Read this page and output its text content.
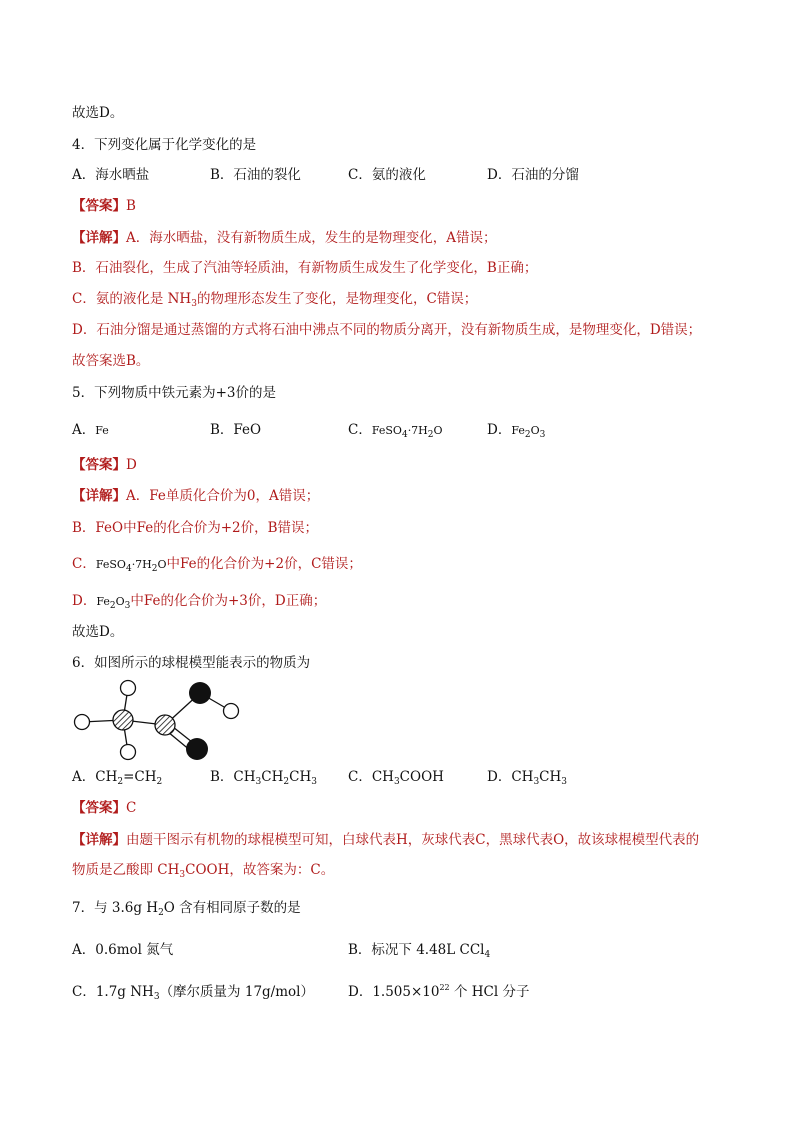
故选D。
4．下列变化属于化学变化的是
A．海水晒盐	B．石油的裂化	C．氨的液化	D．石油的分馏
【答案】B
【详解】A．海水晒盐，没有新物质生成，发生的是物理变化，A错误；
B．石油裂化，生成了汽油等轻质油，有新物质生成发生了化学变化，B正确；
C．氨的液化是 $NH_3$的物理形态发生了变化，是物理变化，C错误；
D．石油分馏是通过蒸馏的方式将石油中沸点不同的物质分离开，没有新物质生成，是物理变化，D错误；
故答案选B。
5．下列物质中铁元素为+3价的是
A．Fe	B．FeO	C．$FeSO_4\cdot 7H_2O$	D．$Fe_2O_3$
【答案】D
【详解】A．Fe单质化合价为0，A错误；
B．FeO中Fe的化合价为+2价，B错误；
C．$FeSO_4\cdot 7H_2O$中Fe的化合价为+2价，C错误；
D．$Fe_2O_3$中Fe的化合价为+3价，D正确；
故选D。
6．如图所示的球棍模型能表示的物质为
A．$CH_2=CH_2$	B．$CH_3CH_2CH_3$ C．$CH_3COOH$	D．$CH_3CH_3$
【答案】C
【详解】由题干图示有机物的球棍模型可知，白球代表H，灰球代表C，黑球代表O，故该球棍模型代表的
物质是乙酸即 $CH_3COOH$，故答案为：C。
7．与 3.6g $H_2O$ 含有相同原子数的是
A．0.6mol 氮气	B．标况下 4.48L CCl$_4$
C．1.7g $NH_3$（摩尔质量为 17g/mol）	D．$1.505\times 10^{22}$ 个 HCl 分子
